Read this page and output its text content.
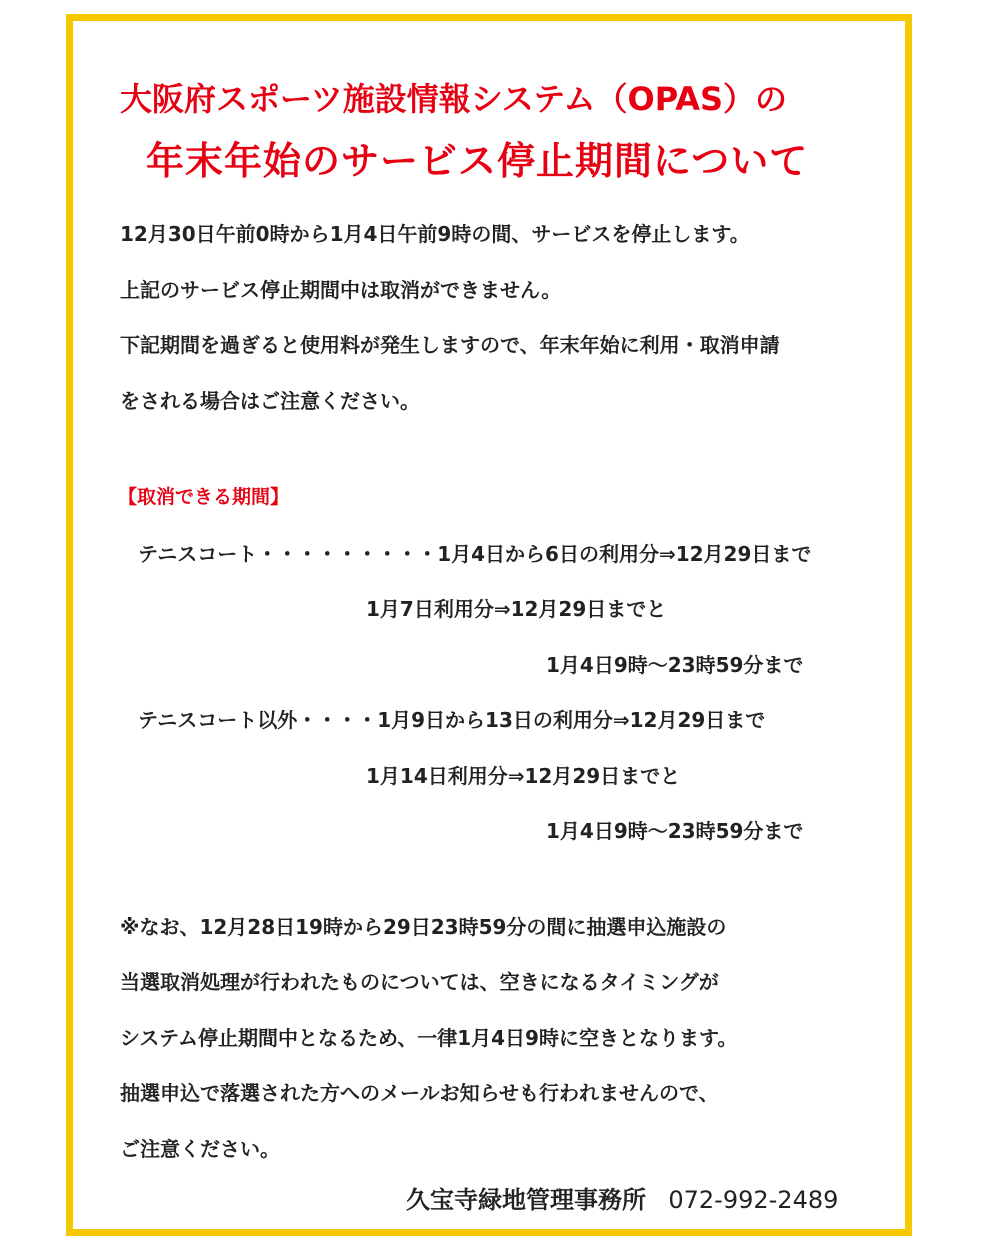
大阪府スポーツ施設情報システム（OPAS）の
年末年始のサービス停止期間について

12月30日午前0時から1月4日午前9時の間、サービスを停止します。

上記のサービス停止期間中は取消ができません。

下記期間を過ぎると使用料が発生しますので、年末年始に利用・取消申請

をされる場合はご注意ください。

【取消できる期間】

テニスコート・・・・・・・・・1月4日から6日の利用分⇒12月29日まで

1月7日利用分⇒12月29日までと

1月4日9時～23時59分まで

テニスコート以外・・・・1月9日から13日の利用分⇒12月29日まで

1月14日利用分⇒12月29日までと

1月4日9時～23時59分まで

※なお、12月28日19時から29日23時59分の間に抽選申込施設の

当選取消処理が行われたものについては、空きになるタイミングが

システム停止期間中となるため、一律1月4日9時に空きとなります。

抽選申込で落選された方へのメールお知らせも行われませんので、

ご注意ください。

久宝寺緑地管理事務所 072-992-2489
